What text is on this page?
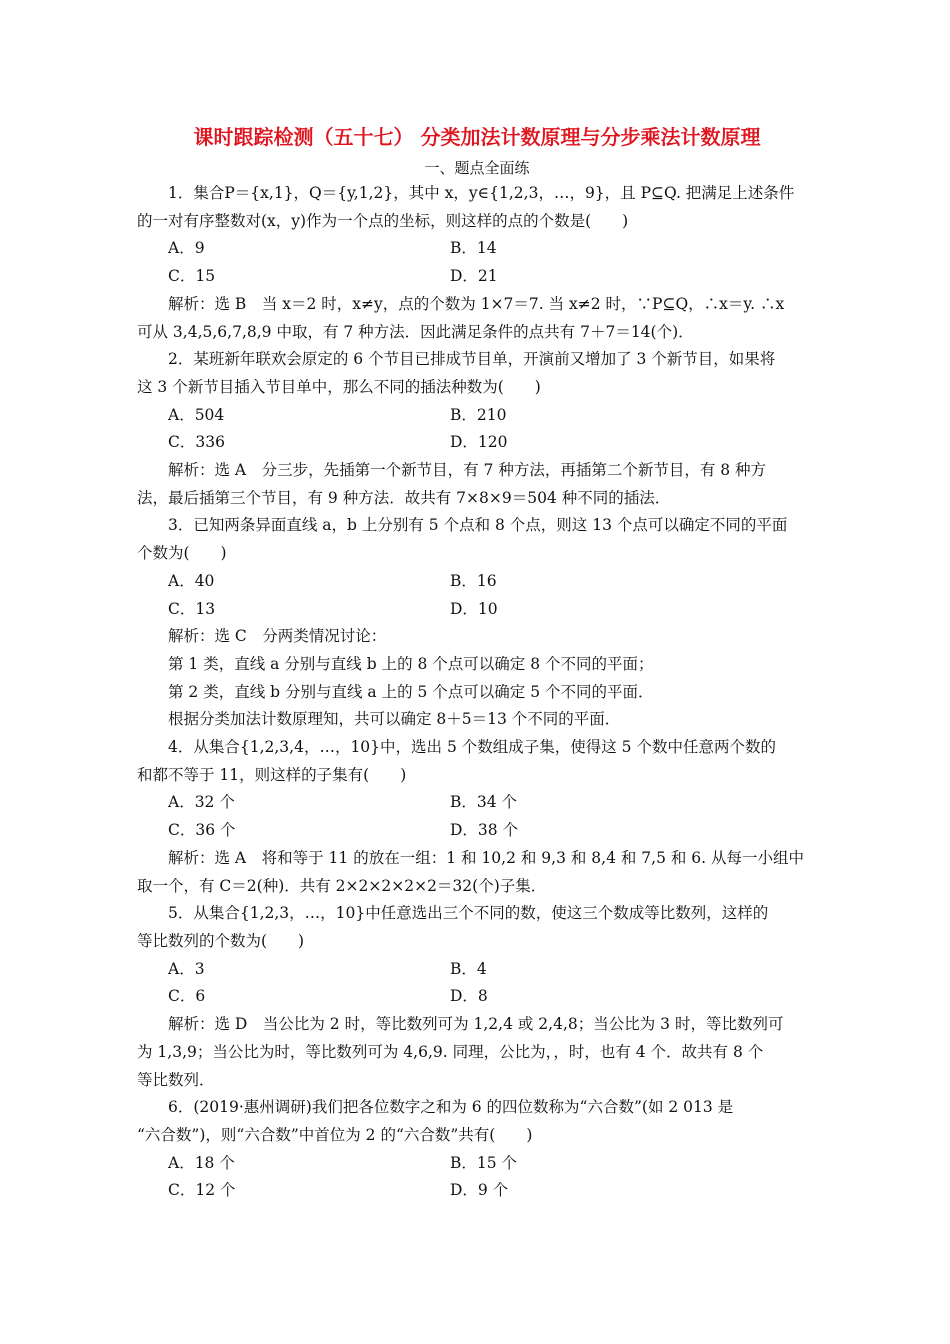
课时跟踪检测（五十七） 分类加法计数原理与分步乘法计数原理
一、题点全面练

1．集合P＝{x,1}，Q＝{y,1,2}，其中 x，y∈{1,2,3，…，9}，且 P⊆Q. 把满足上述条件

的一对有序整数对(x，y)作为一个点的坐标，则这样的点的个数是(　　)

A．9	B．14
C．15	D．21

解析：选 B　当 x＝2 时，x≠y，点的个数为 1×7＝7. 当 x≠2 时，∵P⊆Q，∴x＝y. ∴x

可从 3,4,5,6,7,8,9 中取，有 7 种方法．因此满足条件的点共有 7＋7＝14(个)．

2．某班新年联欢会原定的 6 个节目已排成节目单，开演前又增加了 3 个新节目，如果将

这 3 个新节目插入节目单中，那么不同的插法种数为(　　)

A．504	B．210
C．336	D．120

解析：选 A　分三步，先插第一个新节目，有 7 种方法，再插第二个新节目，有 8 种方

法，最后插第三个节目，有 9 种方法．故共有 7×8×9＝504 种不同的插法．

3．已知两条异面直线 a，b 上分别有 5 个点和 8 个点，则这 13 个点可以确定不同的平面

个数为(　　)

A．40	B．16
C．13	D．10

解析：选 C　分两类情况讨论：

第 1 类，直线 a 分别与直线 b 上的 8 个点可以确定 8 个不同的平面；

第 2 类，直线 b 分别与直线 a 上的 5 个点可以确定 5 个不同的平面．

根据分类加法计数原理知，共可以确定 8＋5＝13 个不同的平面．

4．从集合{1,2,3,4，…，10}中，选出 5 个数组成子集，使得这 5 个数中任意两个数的

和都不等于 11，则这样的子集有(　　)

A．32 个	B．34 个
C．36 个	D．38 个

解析：选 A　将和等于 11 的放在一组：1 和 10,2 和 9,3 和 8,4 和 7,5 和 6. 从每一小组中

取一个，有 C＝2(种)．共有 2×2×2×2×2＝32(个)子集．

5．从集合{1,2,3，…，10}中任意选出三个不同的数，使这三个数成等比数列，这样的

等比数列的个数为(　　)

A．3	B．4
C．6	D．8

解析：选 D　当公比为 2 时，等比数列可为 1,2,4 或 2,4,8；当公比为 3 时，等比数列可

为 1,3,9；当公比为时，等比数列可为 4,6,9. 同理，公比为，，时，也有 4 个．故共有 8 个

等比数列．

6．(2019·惠州调研)我们把各位数字之和为 6 的四位数称为“六合数”(如 2 013 是

“六合数”)，则“六合数”中首位为 2 的“六合数”共有(　　)

A．18 个	B．15 个
C．12 个	D．9 个
